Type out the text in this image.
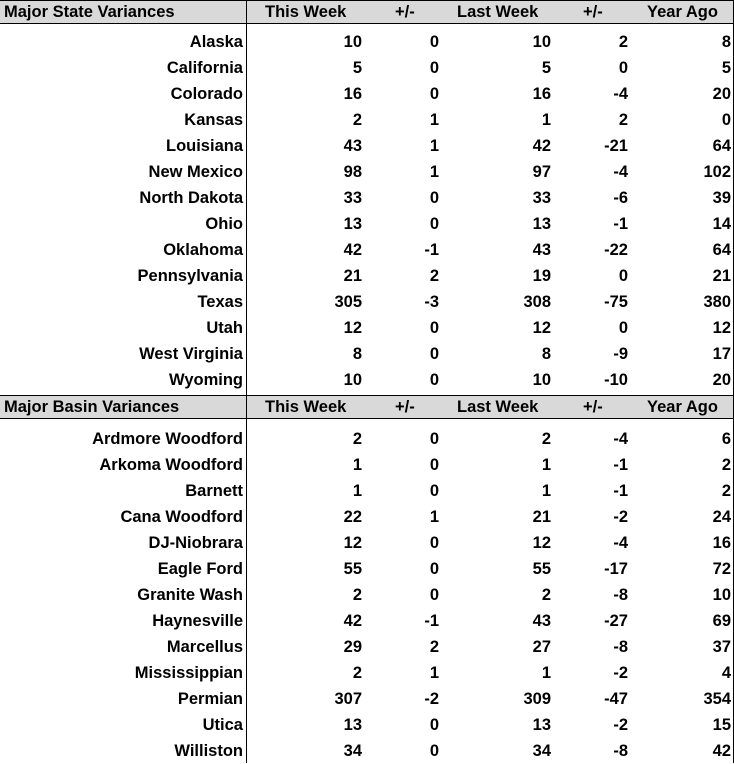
Major State Variances	This Week	+/-	Last Week	+/-	Year Ago
Alaska	10	0	10	2	8
California	5	0	5	0	5
Colorado	16	0	16	-4	20
Kansas	2	1	1	2	0
Louisiana	43	1	42	-21	64
New Mexico	98	1	97	-4	102
North Dakota	33	0	33	-6	39
Ohio	13	0	13	-1	14
Oklahoma	42	-1	43	-22	64
Pennsylvania	21	2	19	0	21
Texas	305	-3	308	-75	380
Utah	12	0	12	0	12
West Virginia	8	0	8	-9	17
Wyoming	10	0	10	-10	20
Major Basin Variances	This Week	+/-	Last Week	+/-	Year Ago
Ardmore Woodford	2	0	2	-4	6
Arkoma Woodford	1	0	1	-1	2
Barnett	1	0	1	-1	2
Cana Woodford	22	1	21	-2	24
DJ-Niobrara	12	0	12	-4	16
Eagle Ford	55	0	55	-17	72
Granite Wash	2	0	2	-8	10
Haynesville	42	-1	43	-27	69
Marcellus	29	2	27	-8	37
Mississippian	2	1	1	-2	4
Permian	307	-2	309	-47	354
Utica	13	0	13	-2	15
Williston	34	0	34	-8	42
